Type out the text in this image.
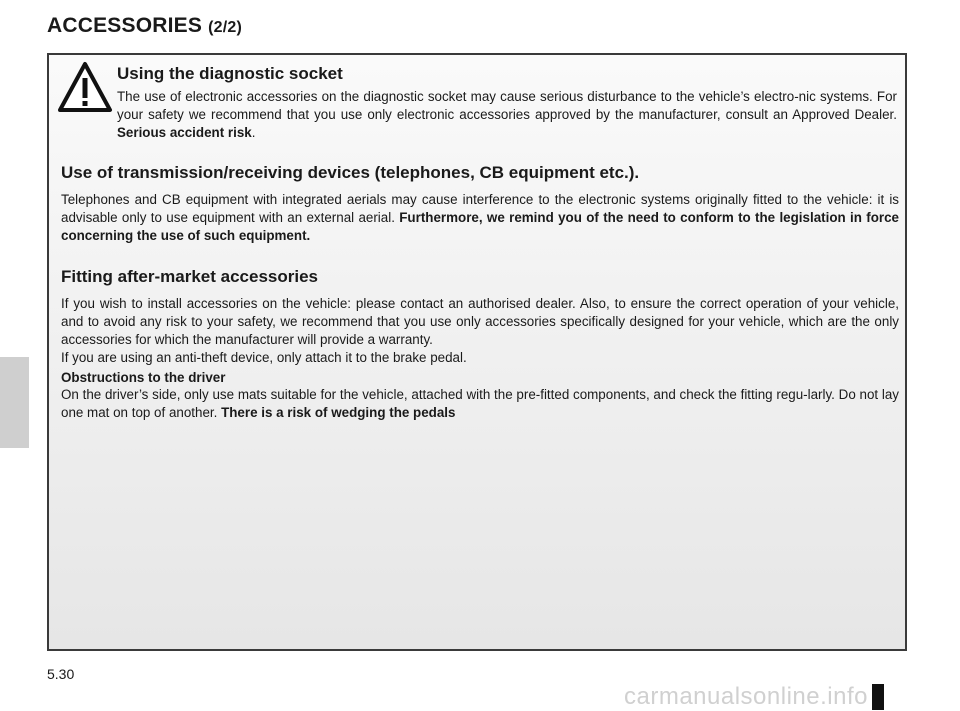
ACCESSORIES (2/2)
Using the diagnostic socket

The use of electronic accessories on the diagnostic socket may cause serious disturbance to the vehicle’s electro-nic systems. For your safety we recommend that you use only electronic accessories approved by the manufacturer, consult an Approved Dealer. Serious accident risk.

Use of transmission/receiving devices (telephones, CB equipment etc.).

Telephones and CB equipment with integrated aerials may cause interference to the electronic systems originally fitted to the vehicle: it is advisable only to use equipment with an external aerial. Furthermore, we remind you of the need to conform to the legislation in force concerning the use of such equipment.

Fitting after-market accessories

If you wish to install accessories on the vehicle: please contact an authorised dealer. Also, to ensure the correct operation of your vehicle, and to avoid any risk to your safety, we recommend that you use only accessories specifically designed for your vehicle, which are the only accessories for which the manufacturer will provide a warranty.

If you are using an anti-theft device, only attach it to the brake pedal.

Obstructions to the driver

On the driver’s side, only use mats suitable for the vehicle, attached with the pre-fitted components, and check the fitting regu-larly. Do not lay one mat on top of another. There is a risk of wedging the pedals

5.30
carmanualsonline.info
